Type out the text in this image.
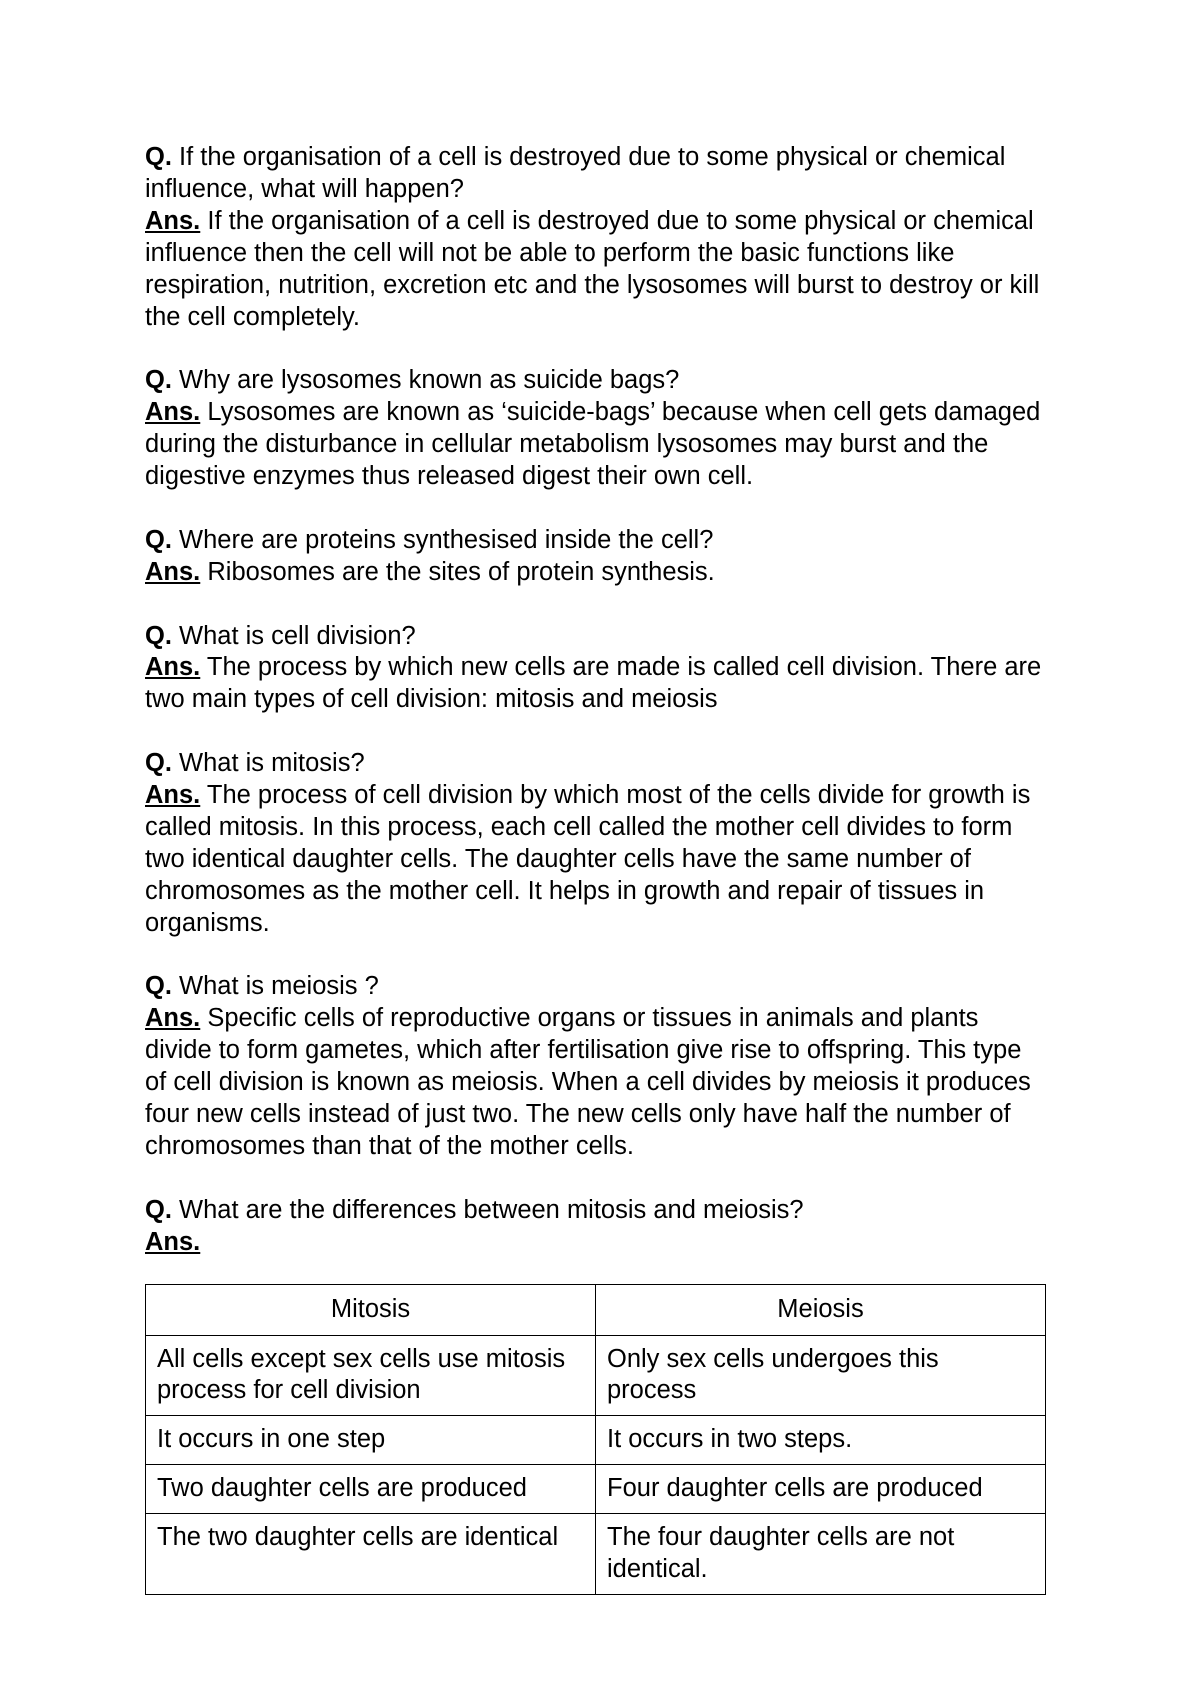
Q. If the organisation of a cell is destroyed due to some physical or chemical influence, what will happen?

Ans. If the organisation of a cell is destroyed due to some physical or chemical influence then the cell will not be able to perform the basic functions like respiration, nutrition, excretion etc and the lysosomes will burst to destroy or kill the cell completely.

Q. Why are lysosomes known as suicide bags?

Ans. Lysosomes are known as ‘suicide-bags’ because when cell gets damaged during the disturbance in cellular metabolism lysosomes may burst and the digestive enzymes thus released digest their own cell.

Q. Where are proteins synthesised inside the cell?

Ans. Ribosomes are the sites of protein synthesis.

Q. What is cell division?

Ans. The process by which new cells are made is called cell division. There are two main types of cell division: mitosis and meiosis

Q. What is mitosis?

Ans. The process of cell division by which most of the cells divide for growth is called mitosis. In this process, each cell called the mother cell divides to form two identical daughter cells. The daughter cells have the same number of chromosomes as the mother cell. It helps in growth and repair of tissues in organisms.

Q. What is meiosis ?

Ans. Specific cells of reproductive organs or tissues in animals and plants divide to form gametes, which after fertilisation give rise to offspring. This type of cell division is known as meiosis. When a cell divides by meiosis it produces four new cells instead of just two. The new cells only have half the number of chromosomes than that of the mother cells.

Q. What are the differences between mitosis and meiosis?

Ans.

Mitosis	Meiosis
All cells except sex cells use mitosis process for cell division	Only sex cells undergoes this process
It occurs in one step	It occurs in two steps.
Two daughter cells are produced	Four daughter cells are produced
The two daughter cells are identical	The four daughter cells are not identical.
